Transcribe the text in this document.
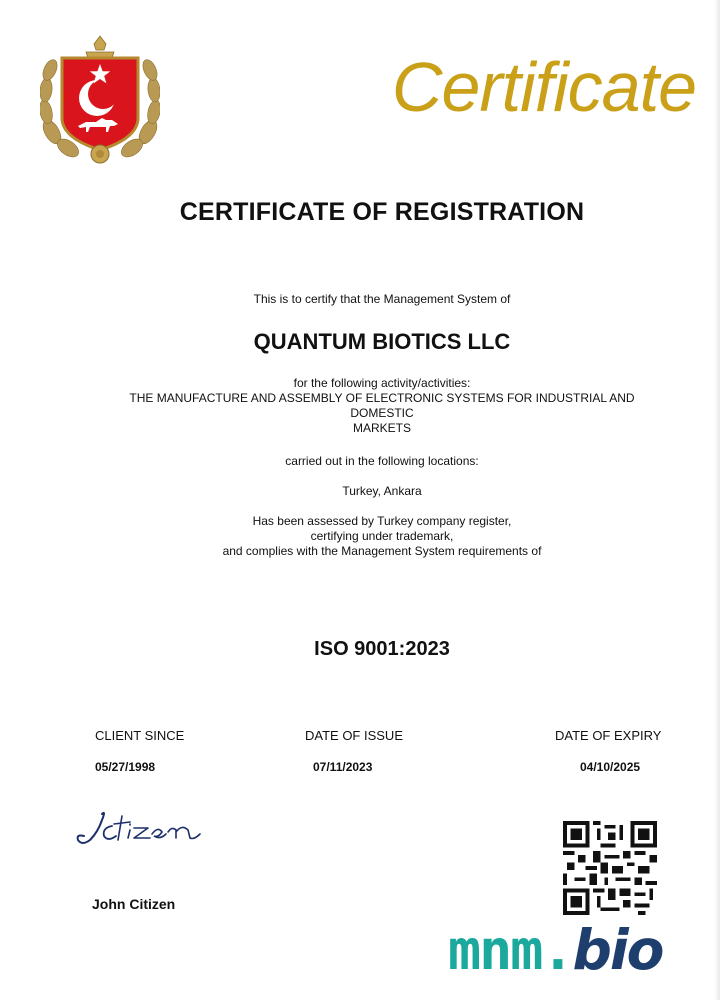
Certificate
CERTIFICATE OF REGISTRATION
This is to certify that the Management System of
QUANTUM BIOTICS LLC
for the following activity/activities:
THE MANUFACTURE AND ASSEMBLY OF ELECTRONIC SYSTEMS FOR INDUSTRIAL AND
DOMESTIC
MARKETS
carried out in the following locations:
Turkey, Ankara
Has been assessed by Turkey company register,
certifying under trademark,
and complies with the Management System requirements of
ISO 9001:2023
CLIENT SINCE	DATE OF ISSUE	DATE OF EXPIRY
05/27/1998	07/11/2023	04/10/2025
John Citizen
mnm.bio
